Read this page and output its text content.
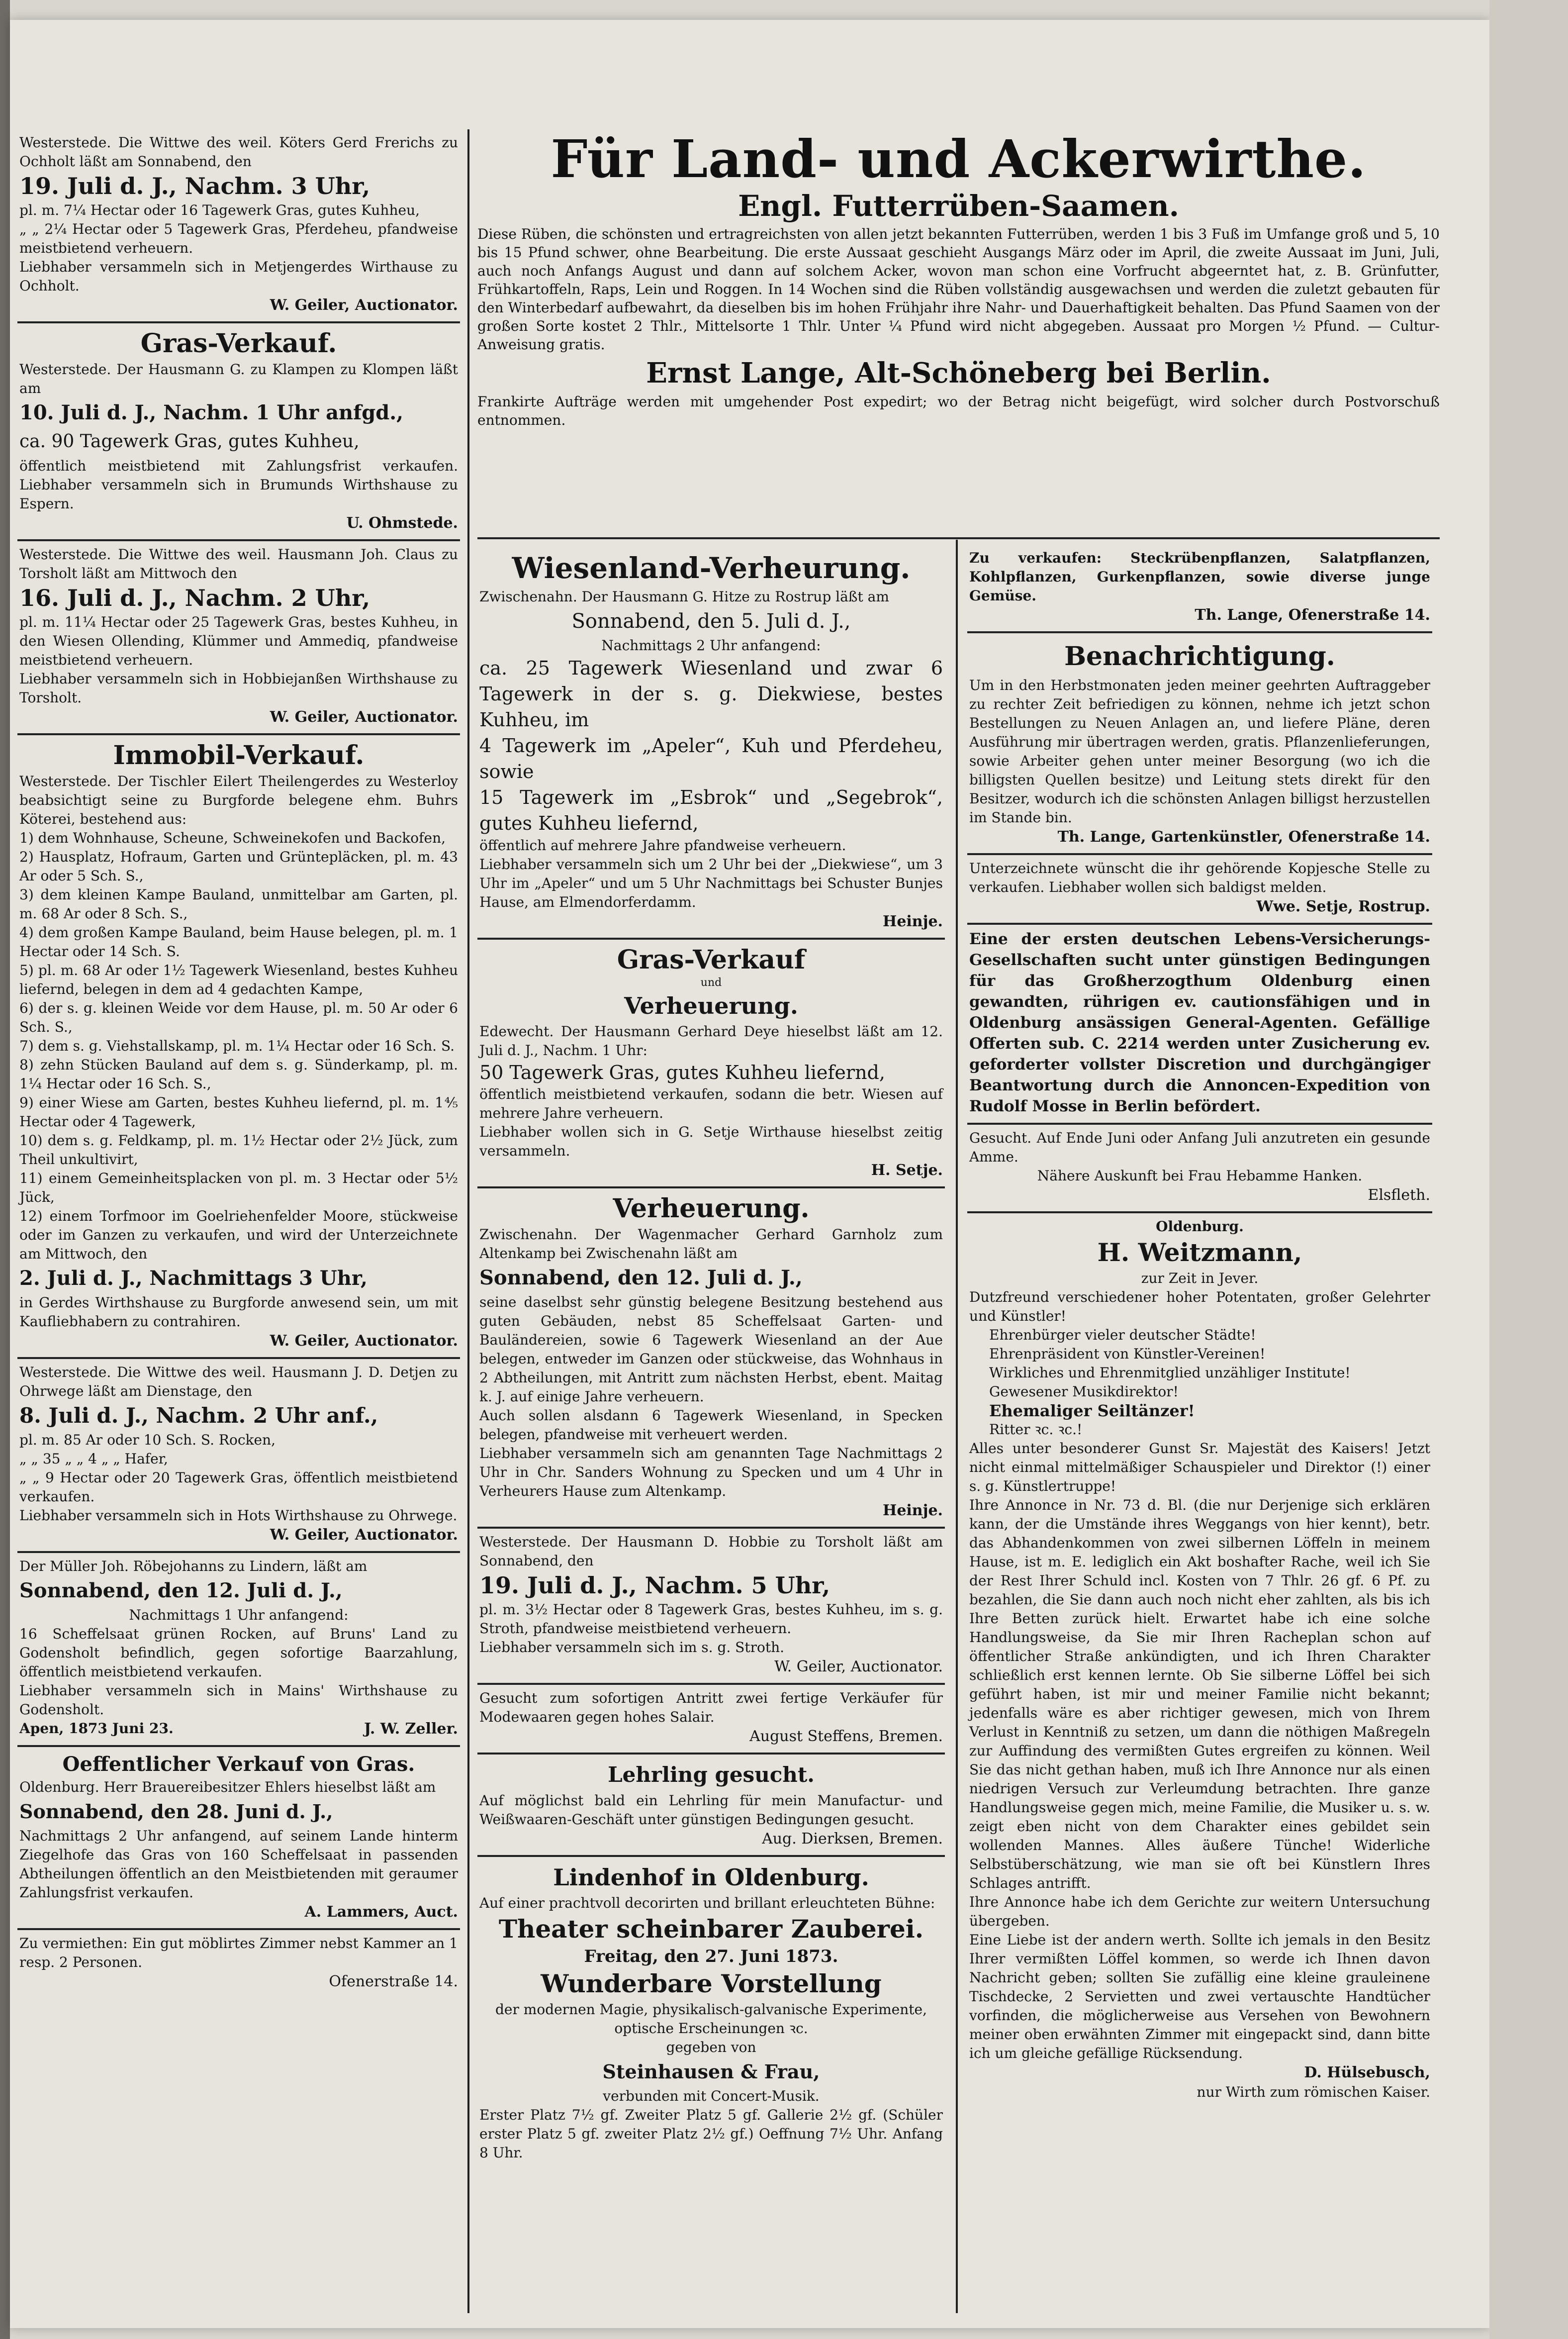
Für Land- und Ackerwirthe.

Engl. Futterrüben-Saamen.

Diese Rüben, die schönsten und ertragreichsten von allen jetzt bekannten Futterrüben, werden 1 bis 3 Fuß im Umfange groß und 5, 10 bis 15 Pfund schwer, ohne Bearbeitung. Die erste Aussaat geschieht Ausgangs März oder im April, die zweite Aussaat im Juni, Juli, auch noch Anfangs August und dann auf solchem Acker, wovon man schon eine Vorfrucht abgeerntet hat, z. B. Grünfutter, Frühkartoffeln, Raps, Lein und Roggen. In 14 Wochen sind die Rüben vollständig ausgewachsen und werden die zuletzt gebauten für den Winterbedarf aufbewahrt, da dieselben bis im hohen Frühjahr ihre Nahr- und Dauerhaftigkeit behalten. Das Pfund Saamen von der großen Sorte kostet 2 Thlr., Mittelsorte 1 Thlr. Unter ¼ Pfund wird nicht abgegeben. Aussaat pro Morgen ½ Pfund. — Cultur-Anweisung gratis.

Ernst Lange, Alt-Schöneberg bei Berlin.

Frankirte Aufträge werden mit umgehender Post expedirt; wo der Betrag nicht beigefügt, wird solcher durch Postvorschuß entnommen.

Westerstede. Die Wittwe des weil. Köters Gerd Frerichs zu Ochholt läßt am Sonnabend, den

19. Juli d. J., Nachm. 3 Uhr,

pl. m. 7¼ Hectar oder 16 Tagewerk Gras, gutes Kuhheu,

„ „ 2¼ Hectar oder 5 Tagewerk Gras, Pferdeheu, pfandweise meistbietend verheuern.

Liebhaber versammeln sich in Metjengerdes Wirthause zu Ochholt.

W. Geiler, Auctionator.

Gras-Verkauf.

Westerstede. Der Hausmann G. zu Klampen zu Klompen läßt am

10. Juli d. J., Nachm. 1 Uhr anfgd.,

ca. 90 Tagewerk Gras, gutes Kuhheu,

öffentlich meistbietend mit Zahlungsfrist verkaufen. Liebhaber versammeln sich in Brumunds Wirthshause zu Espern.

U. Ohmstede.

Westerstede. Die Wittwe des weil. Hausmann Joh. Claus zu Torsholt läßt am Mittwoch den

16. Juli d. J., Nachm. 2 Uhr,

pl. m. 11¼ Hectar oder 25 Tagewerk Gras, bestes Kuhheu, in den Wiesen Ollending, Klümmer und Ammediq, pfandweise meistbietend verheuern.

Liebhaber versammeln sich in Hobbiejanßen Wirthshause zu Torsholt.

W. Geiler, Auctionator.

Immobil-Verkauf.

Westerstede. Der Tischler Eilert Theilengerdes zu Westerloy beabsichtigt seine zu Burgforde belegene ehm. Buhrs Köterei, bestehend aus:

1) dem Wohnhause, Scheune, Schweinekofen und Backofen,
2) Hausplatz, Hofraum, Garten und Grüntepläcken, pl. m. 43 Ar oder 5 Sch. S.,
3) dem kleinen Kampe Bauland, unmittelbar am Garten, pl. m. 68 Ar oder 8 Sch. S.,
4) dem großen Kampe Bauland, beim Hause belegen, pl. m. 1 Hectar oder 14 Sch. S.
5) pl. m. 68 Ar oder 1½ Tagewerk Wiesenland, bestes Kuhheu liefernd, belegen in dem ad 4 gedachten Kampe,
6) der s. g. kleinen Weide vor dem Hause, pl. m. 50 Ar oder 6 Sch. S.,
7) dem s. g. Viehstallskamp, pl. m. 1¼ Hectar oder 16 Sch. S.
8) zehn Stücken Bauland auf dem s. g. Sünderkamp, pl. m. 1¼ Hectar oder 16 Sch. S.,
9) einer Wiese am Garten, bestes Kuhheu liefernd, pl. m. 1⅘ Hectar oder 4 Tagewerk,
10) dem s. g. Feldkamp, pl. m. 1½ Hectar oder 2½ Jück, zum Theil unkultivirt,
11) einem Gemeinheitsplacken von pl. m. 3 Hectar oder 5½ Jück,
12) einem Torfmoor im Goelriehenfelder Moore, stückweise oder im Ganzen zu verkaufen, und wird der Unterzeichnete am Mittwoch, den

2. Juli d. J., Nachmittags 3 Uhr,

in Gerdes Wirthshause zu Burgforde anwesend sein, um mit Kaufliebhabern zu contrahiren.

W. Geiler, Auctionator.

Westerstede. Die Wittwe des weil. Hausmann J. D. Detjen zu Ohrwege läßt am Dienstage, den

8. Juli d. J., Nachm. 2 Uhr anf.,

pl. m. 85 Ar oder 10 Sch. S. Rocken,

„ „ 35 „ „ 4 „ „ Hafer,

„ „ 9 Hectar oder 20 Tagewerk Gras, öffentlich meistbietend verkaufen.

Liebhaber versammeln sich in Hots Wirthshause zu Ohrwege.

W. Geiler, Auctionator.

Der Müller Joh. Röbejohanns zu Lindern, läßt am

Sonnabend, den 12. Juli d. J.,

Nachmittags 1 Uhr anfangend:

16 Scheffelsaat grünen Rocken, auf Bruns' Land zu Godensholt befindlich, gegen sofortige Baarzahlung, öffentlich meistbietend verkaufen.

Liebhaber versammeln sich in Mains' Wirthshause zu Godensholt.

Apen, 1873 Juni 23.	J. W. Zeller.

Oeffentlicher Verkauf von Gras.

Oldenburg. Herr Brauereibesitzer Ehlers hieselbst läßt am

Sonnabend, den 28. Juni d. J.,

Nachmittags 2 Uhr anfangend, auf seinem Lande hinterm Ziegelhofe das Gras von 160 Scheffelsaat in passenden Abtheilungen öffentlich an den Meistbietenden mit geraumer Zahlungsfrist verkaufen.

A. Lammers, Auct.

Zu vermiethen: Ein gut möblirtes Zimmer nebst Kammer an 1 resp. 2 Personen.

Ofenerstraße 14.

Wiesenland-Verheurung.

Zwischenahn. Der Hausmann G. Hitze zu Rostrup läßt am

Sonnabend, den 5. Juli d. J.,

Nachmittags 2 Uhr anfangend:

ca. 25 Tagewerk Wiesenland und zwar 6 Tagewerk in der s. g. Diekwiese, bestes Kuhheu, im

4 Tagewerk im „Apeler“, Kuh und Pferdeheu, sowie

15 Tagewerk im „Esbrok“ und „Segebrok“, gutes Kuhheu liefernd,

öffentlich auf mehrere Jahre pfandweise verheuern.

Liebhaber versammeln sich um 2 Uhr bei der „Diekwiese“, um 3 Uhr im „Apeler“ und um 5 Uhr Nachmittags bei Schuster Bunjes Hause, am Elmendorferdamm.

Heinje.

Gras-Verkauf

und

Verheuerung.

Edewecht. Der Hausmann Gerhard Deye hieselbst läßt am 12. Juli d. J., Nachm. 1 Uhr:

50 Tagewerk Gras, gutes Kuhheu liefernd,

öffentlich meistbietend verkaufen, sodann die betr. Wiesen auf mehrere Jahre verheuern.

Liebhaber wollen sich in G. Setje Wirthause hieselbst zeitig versammeln.

H. Setje.

Verheuerung.

Zwischenahn. Der Wagenmacher Gerhard Garnholz zum Altenkamp bei Zwischenahn läßt am

Sonnabend, den 12. Juli d. J.,

seine daselbst sehr günstig belegene Besitzung bestehend aus guten Gebäuden, nebst 85 Scheffelsaat Garten- und Bauländereien, sowie 6 Tagewerk Wiesenland an der Aue belegen, entweder im Ganzen oder stückweise, das Wohnhaus in 2 Abtheilungen, mit Antritt zum nächsten Herbst, ebent. Maitag k. J. auf einige Jahre verheuern.

Auch sollen alsdann 6 Tagewerk Wiesenland, in Specken belegen, pfandweise mit verheuert werden.

Liebhaber versammeln sich am genannten Tage Nachmittags 2 Uhr in Chr. Sanders Wohnung zu Specken und um 4 Uhr in Verheurers Hause zum Altenkamp.

Heinje.

Westerstede. Der Hausmann D. Hobbie zu Torsholt läßt am Sonnabend, den

19. Juli d. J., Nachm. 5 Uhr,

pl. m. 3½ Hectar oder 8 Tagewerk Gras, bestes Kuhheu, im s. g. Stroth, pfandweise meistbietend verheuern.

Liebhaber versammeln sich im s. g. Stroth.

W. Geiler, Auctionator.

Gesucht zum sofortigen Antritt zwei fertige Verkäufer für Modewaaren gegen hohes Salair.

August Steffens, Bremen.

Lehrling gesucht.

Auf möglichst bald ein Lehrling für mein Manufactur- und Weißwaaren-Geschäft unter günstigen Bedingungen gesucht.

Aug. Dierksen, Bremen.

Lindenhof in Oldenburg.

Auf einer prachtvoll decorirten und brillant erleuchteten Bühne:

Theater scheinbarer Zauberei.

Freitag, den 27. Juni 1873.

Wunderbare Vorstellung

der modernen Magie, physikalisch-galvanische Experimente, optische Erscheinungen ꝛc.

gegeben von

Steinhausen & Frau,

verbunden mit Concert-Musik.

Erster Platz 7½ gf. Zweiter Platz 5 gf. Gallerie 2½ gf. (Schüler erster Platz 5 gf. zweiter Platz 2½ gf.) Oeffnung 7½ Uhr. Anfang 8 Uhr.

Zu verkaufen: Steckrübenpflanzen, Salatpflanzen, Kohlpflanzen, Gurkenpflanzen, sowie diverse junge Gemüse.

Th. Lange, Ofenerstraße 14.

Benachrichtigung.

Um in den Herbstmonaten jeden meiner geehrten Auftraggeber zu rechter Zeit befriedigen zu können, nehme ich jetzt schon Bestellungen zu Neuen Anlagen an, und liefere Pläne, deren Ausführung mir übertragen werden, gratis. Pflanzenlieferungen, sowie Arbeiter gehen unter meiner Besorgung (wo ich die billigsten Quellen besitze) und Leitung stets direkt für den Besitzer, wodurch ich die schönsten Anlagen billigst herzustellen im Stande bin.

Th. Lange, Gartenkünstler, Ofenerstraße 14.

Unterzeichnete wünscht die ihr gehörende Kopjesche Stelle zu verkaufen. Liebhaber wollen sich baldigst melden.

Wwe. Setje, Rostrup.

Eine der ersten deutschen Lebens-Versicherungs-Gesellschaften sucht unter günstigen Bedingungen für das Großherzogthum Oldenburg einen gewandten, rührigen ev. cautionsfähigen und in Oldenburg ansässigen General-Agenten. Gefällige Offerten sub. C. 2214 werden unter Zusicherung ev. geforderter vollster Discretion und durchgängiger Beantwortung durch die Annoncen-Expedition von Rudolf Mosse in Berlin befördert.

Gesucht. Auf Ende Juni oder Anfang Juli anzutreten ein gesunde Amme.

Nähere Auskunft bei Frau Hebamme Hanken.

Elsfleth.

Oldenburg.

H. Weitzmann,

zur Zeit in Jever.

Dutzfreund verschiedener hoher Potentaten, großer Gelehrter und Künstler!

Ehrenbürger vieler deutscher Städte!

Ehrenpräsident von Künstler-Vereinen!

Wirkliches und Ehrenmitglied unzähliger Institute!

Gewesener Musikdirektor!

Ehemaliger Seiltänzer!

Ritter ꝛc. ꝛc.!

Alles unter besonderer Gunst Sr. Majestät des Kaisers! Jetzt nicht einmal mittelmäßiger Schauspieler und Direktor (!) einer s. g. Künstlertruppe!

Ihre Annonce in Nr. 73 d. Bl. (die nur Derjenige sich erklären kann, der die Umstände ihres Weggangs von hier kennt), betr. das Abhandenkommen von zwei silbernen Löffeln in meinem Hause, ist m. E. lediglich ein Akt boshafter Rache, weil ich Sie der Rest Ihrer Schuld incl. Kosten von 7 Thlr. 26 gf. 6 Pf. zu bezahlen, die Sie dann auch noch nicht eher zahlten, als bis ich Ihre Betten zurück hielt. Erwartet habe ich eine solche Handlungsweise, da Sie mir Ihren Racheplan schon auf öffentlicher Straße ankündigten, und ich Ihren Charakter schließlich erst kennen lernte. Ob Sie silberne Löffel bei sich geführt haben, ist mir und meiner Familie nicht bekannt; jedenfalls wäre es aber richtiger gewesen, mich von Ihrem Verlust in Kenntniß zu setzen, um dann die nöthigen Maßregeln zur Auffindung des vermißten Gutes ergreifen zu können. Weil Sie das nicht gethan haben, muß ich Ihre Annonce nur als einen niedrigen Versuch zur Verleumdung betrachten. Ihre ganze Handlungsweise gegen mich, meine Familie, die Musiker u. s. w. zeigt eben nicht von dem Charakter eines gebildet sein wollenden Mannes. Alles äußere Tünche! Widerliche Selbstüberschätzung, wie man sie oft bei Künstlern Ihres Schlages antrifft.

Ihre Annonce habe ich dem Gerichte zur weitern Untersuchung übergeben.

Eine Liebe ist der andern werth. Sollte ich jemals in den Besitz Ihrer vermißten Löffel kommen, so werde ich Ihnen davon Nachricht geben; sollten Sie zufällig eine kleine grauleinene Tischdecke, 2 Servietten und zwei vertauschte Handtücher vorfinden, die möglicherweise aus Versehen von Bewohnern meiner oben erwähnten Zimmer mit eingepackt sind, dann bitte ich um gleiche gefällige Rücksendung.

D. Hülsebusch,

nur Wirth zum römischen Kaiser.
